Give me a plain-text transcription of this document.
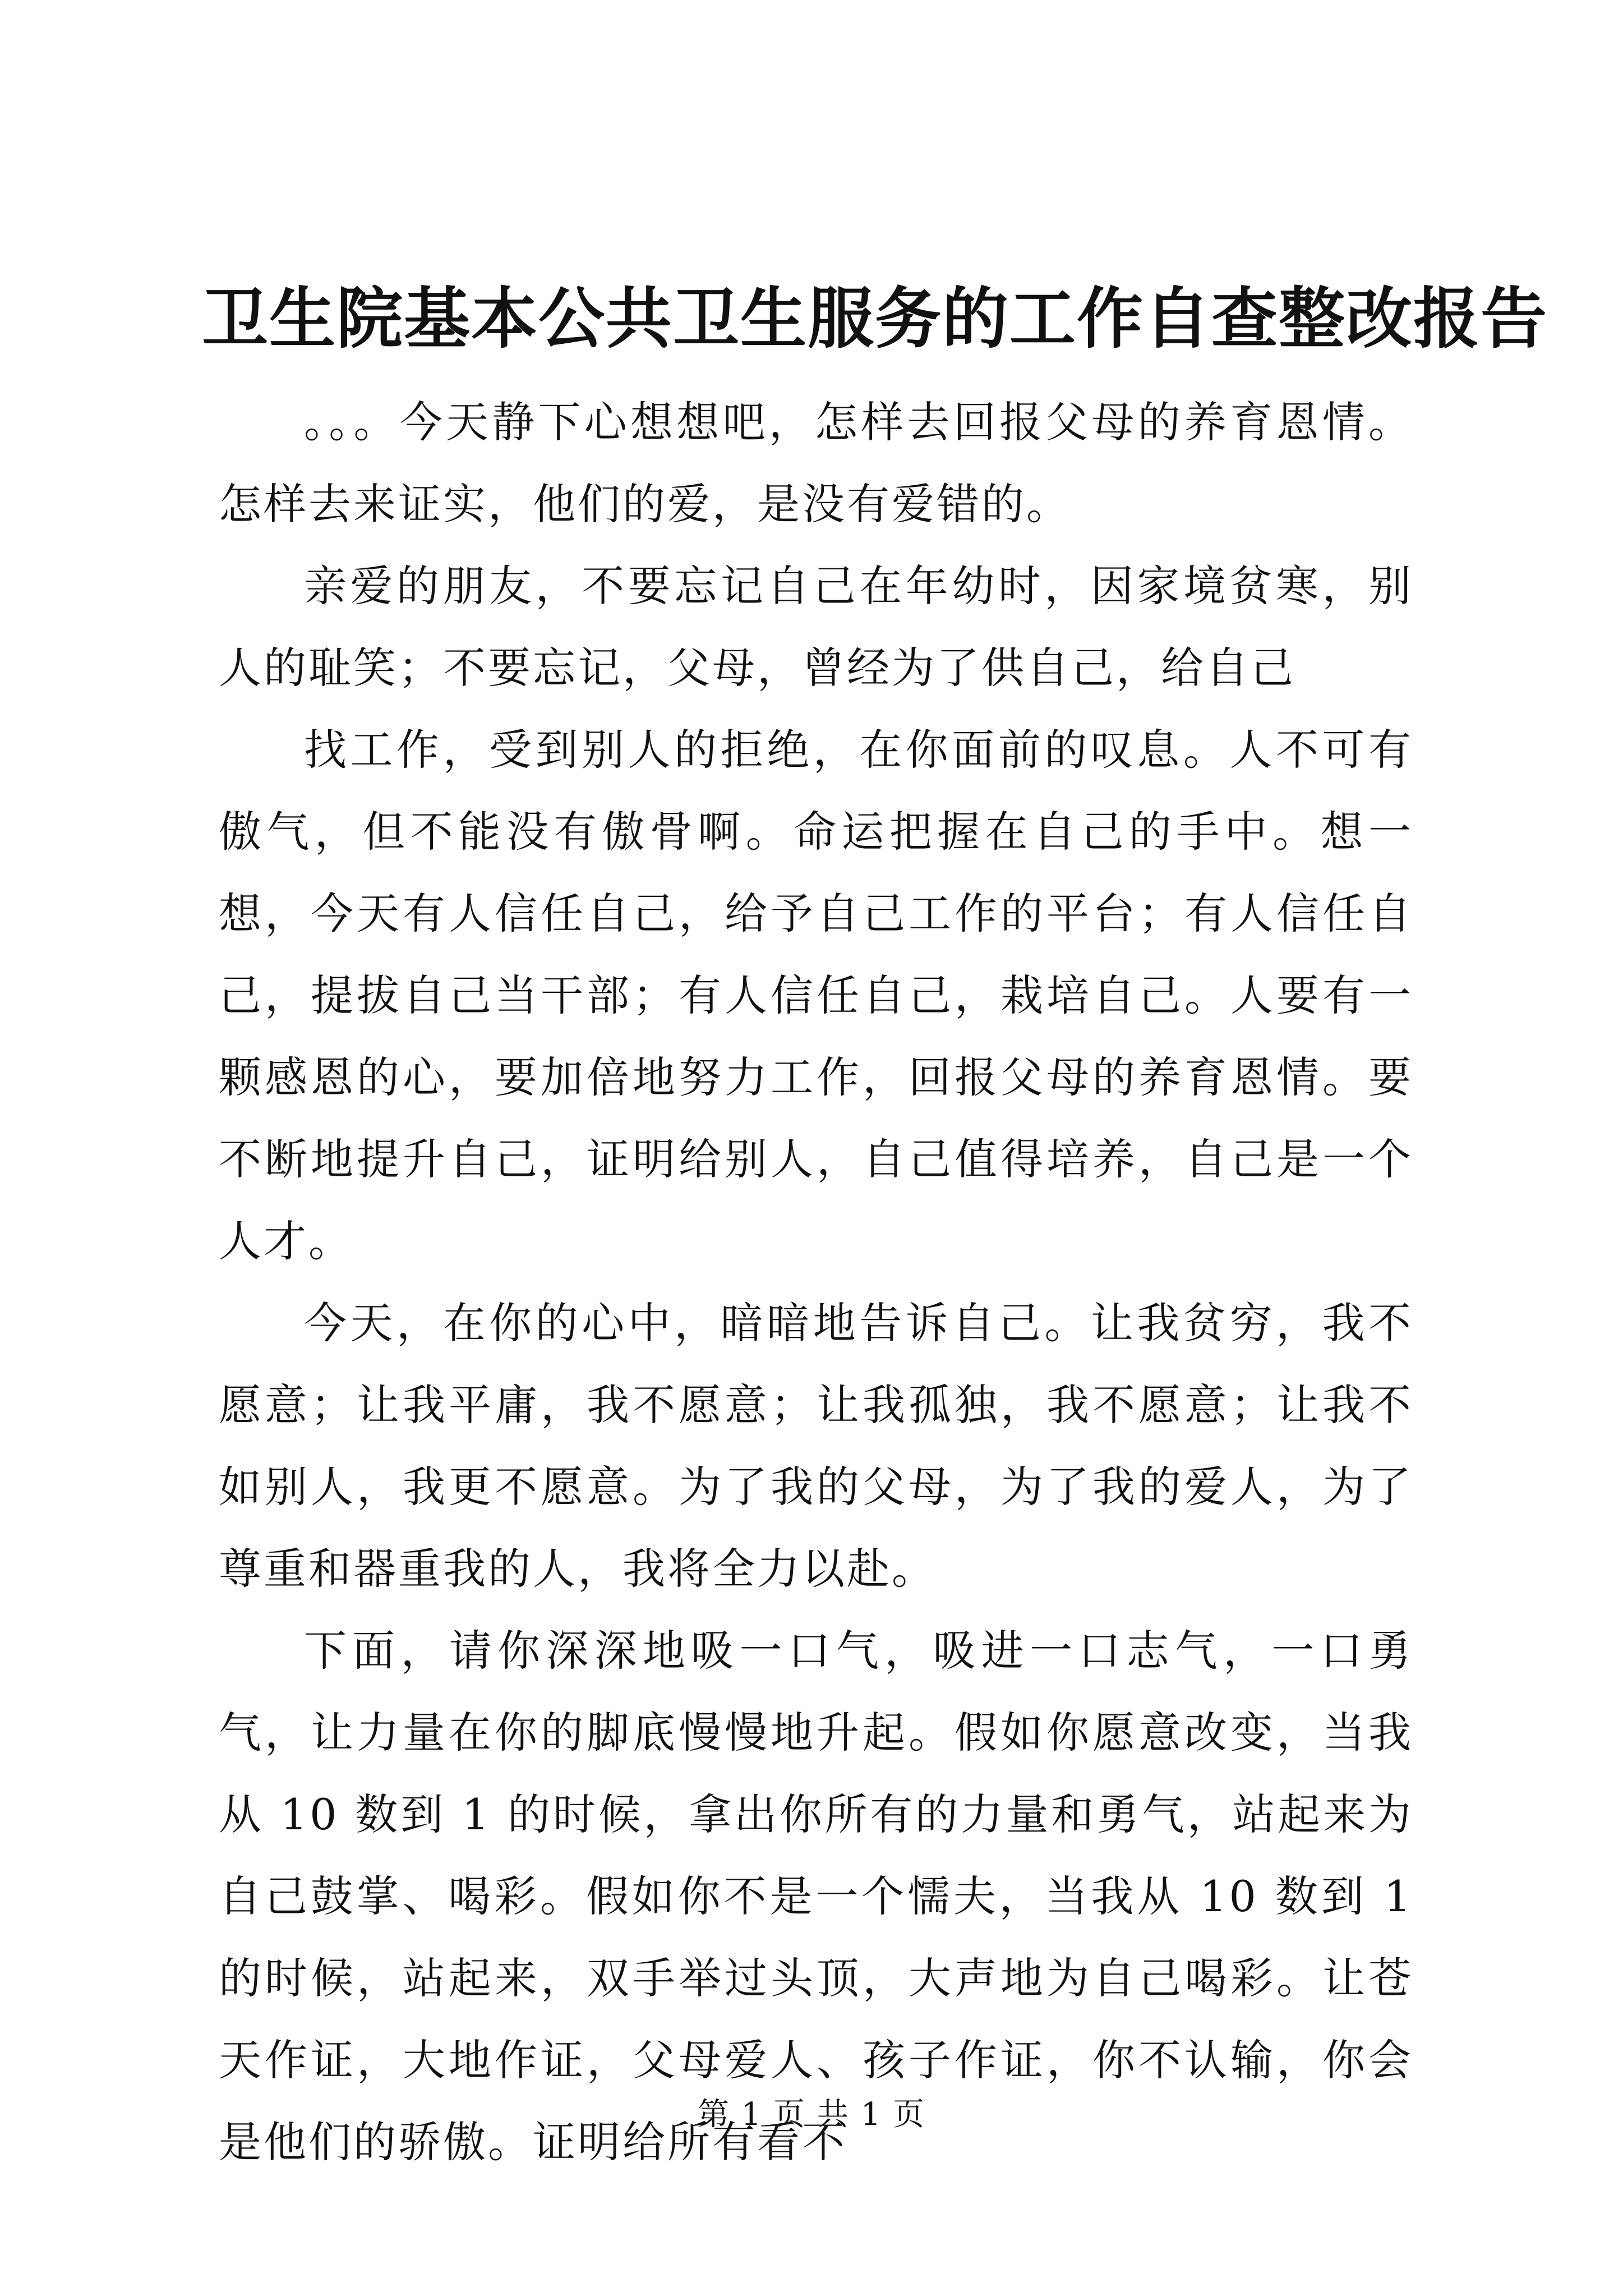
卫生院基本公共卫生服务的工作自查整改报告

。。。今天静下心想想吧，怎样去回报父母的养育恩情。怎样去来证实，他们的爱，是没有爱错的。

亲爱的朋友，不要忘记自己在年幼时，因家境贫寒，别人的耻笑；不要忘记，父母，曾经为了供自己，给自己

找工作，受到别人的拒绝，在你面前的叹息。人不可有傲气，但不能没有傲骨啊。命运把握在自己的手中。想一想，今天有人信任自己，给予自己工作的平台；有人信任自己，提拔自己当干部；有人信任自己，栽培自己。人要有一颗感恩的心，要加倍地努力工作，回报父母的养育恩情。要不断地提升自己，证明给别人，自己值得培养，自己是一个人才。

今天，在你的心中，暗暗地告诉自己。让我贫穷，我不愿意；让我平庸，我不愿意；让我孤独，我不愿意；让我不如别人，我更不愿意。为了我的父母，为了我的爱人，为了尊重和器重我的人，我将全力以赴。

下面，请你深深地吸一口气，吸进一口志气，一口勇气，让力量在你的脚底慢慢地升起。假如你愿意改变，当我从 10 数到 1 的时候，拿出你所有的力量和勇气，站起来为自己鼓掌、喝彩。假如你不是一个懦夫，当我从 10 数到 1 的时候，站起来，双手举过头顶，大声地为自己喝彩。让苍天作证，大地作证，父母爱人、孩子作证，你不认输，你会是他们的骄傲。证明给所有看不

第 1 页 共 1 页
